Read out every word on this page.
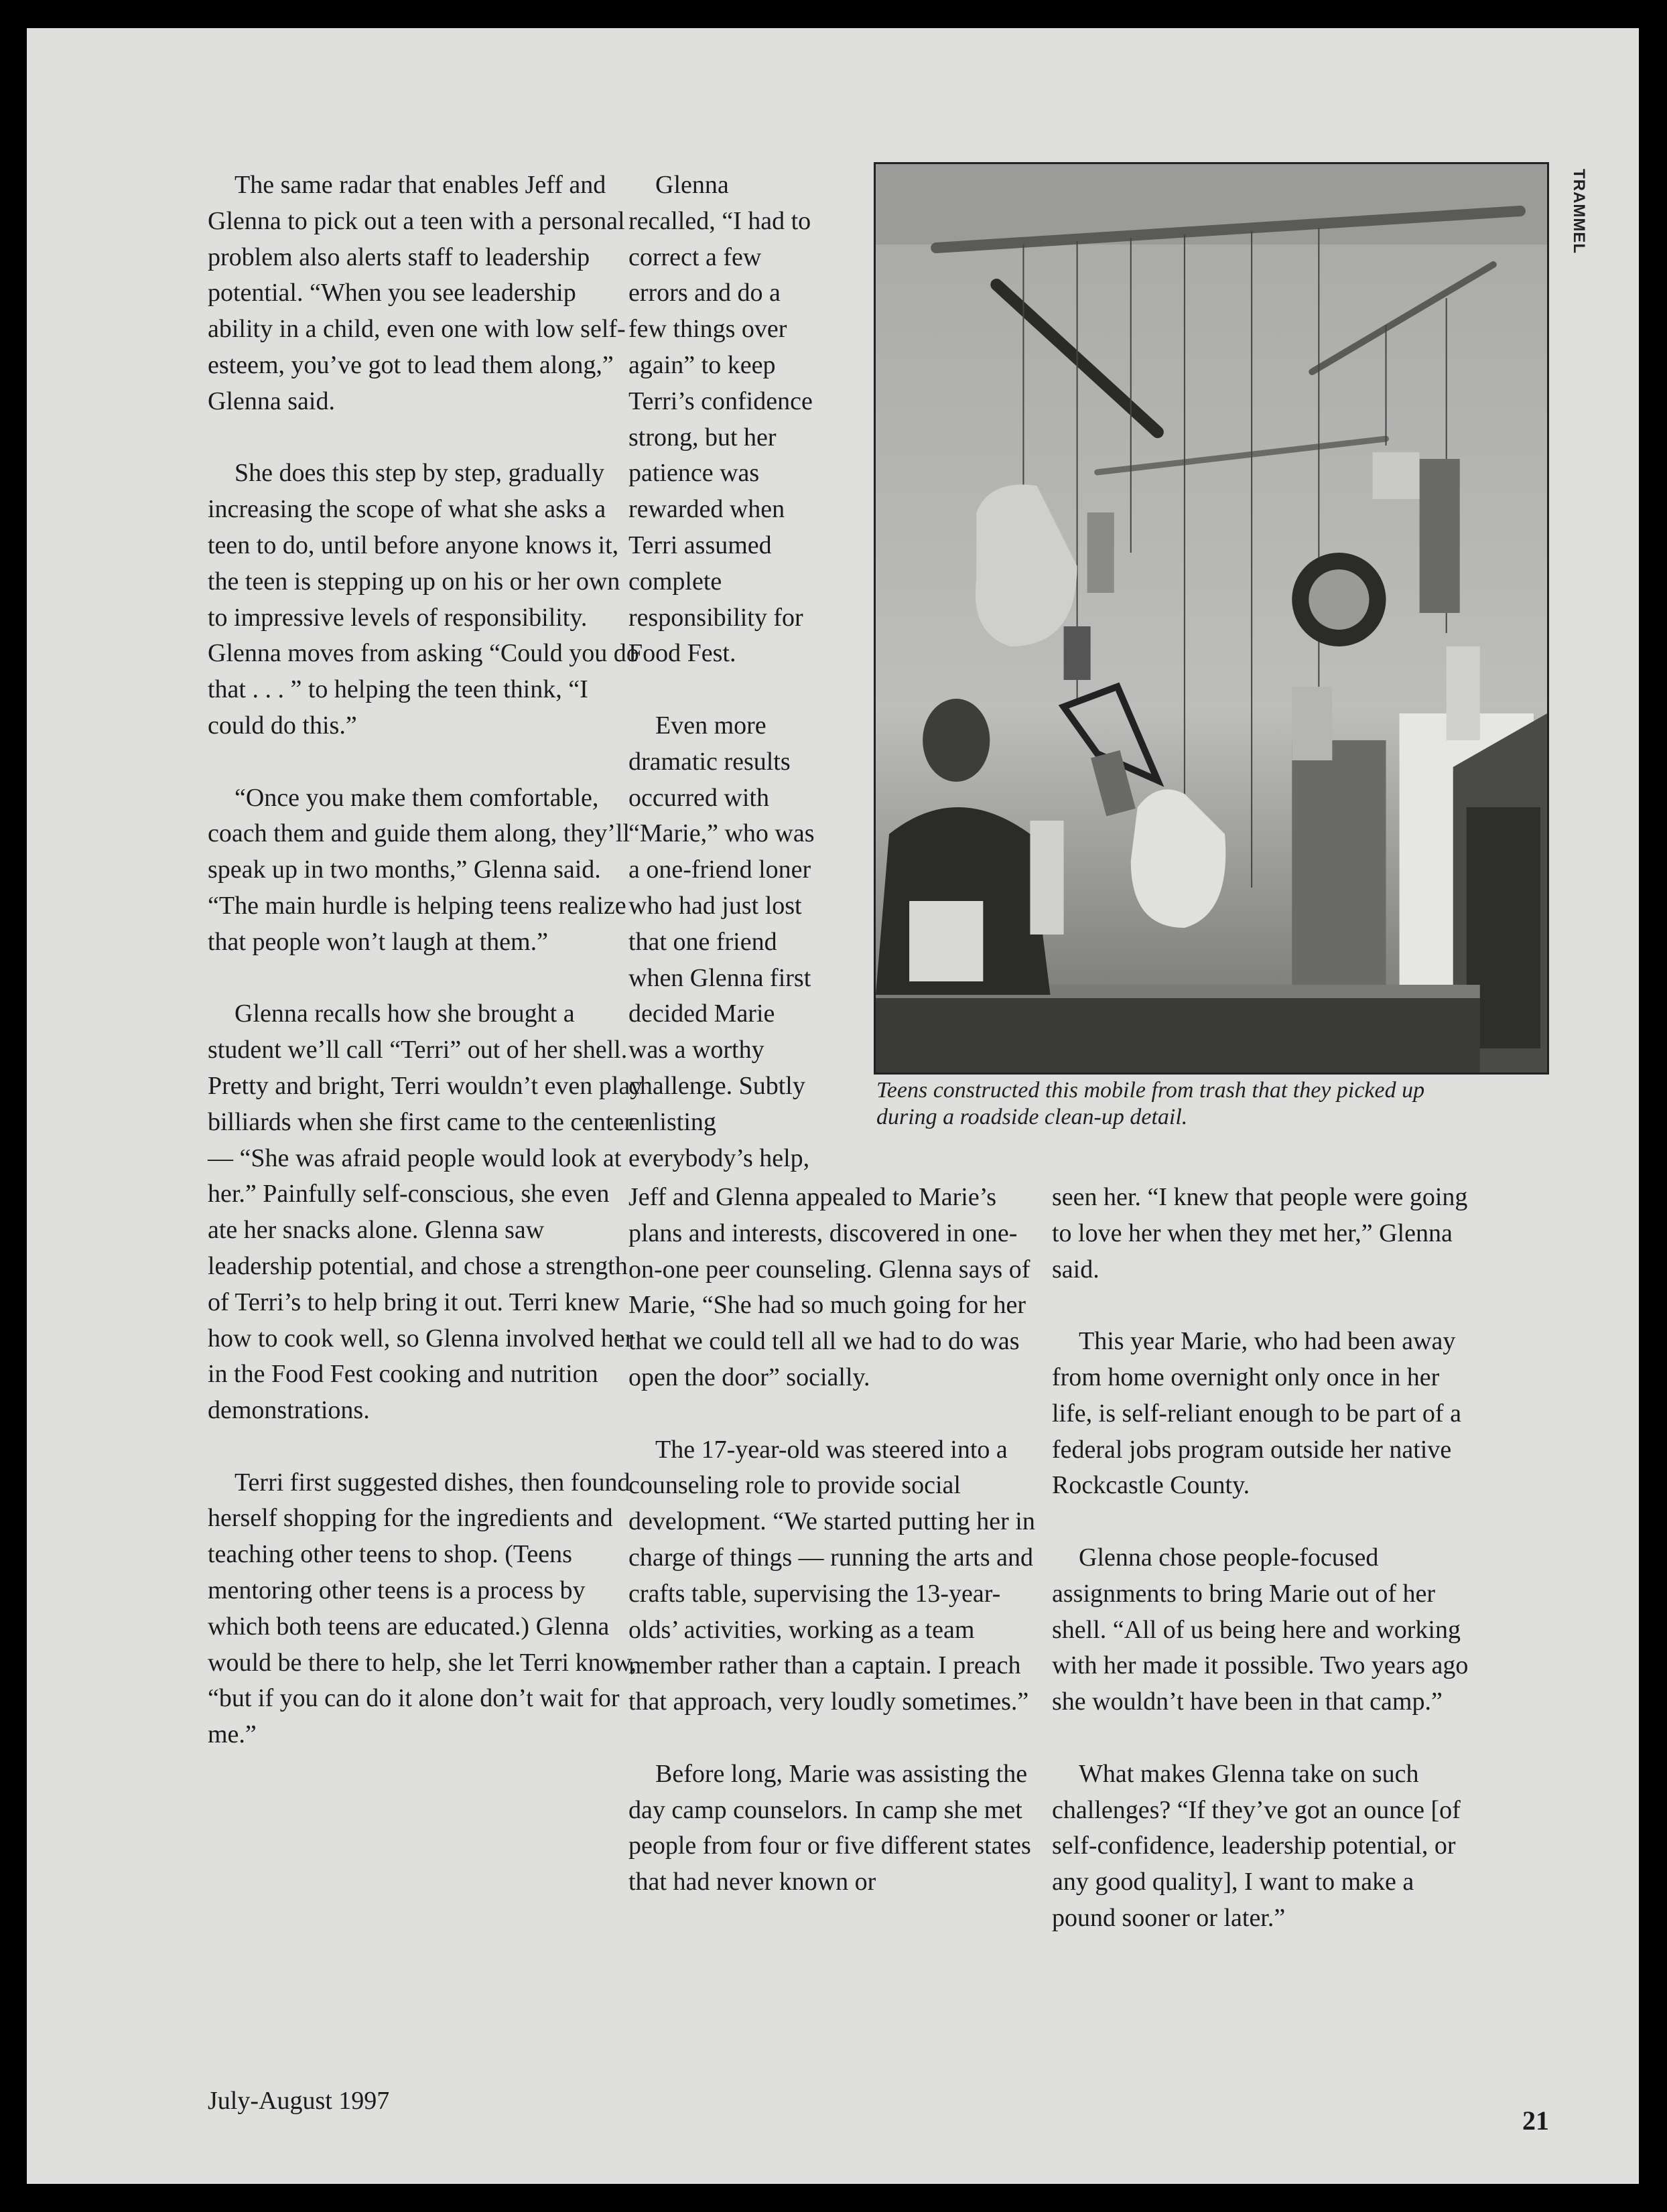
The same radar that enables Jeff and Glenna to pick out a teen with a personal problem also alerts staff to leadership potential. “When you see leadership ability in a child, even one with low self-esteem, you’ve got to lead them along,” Glenna said.

She does this step by step, gradually increasing the scope of what she asks a teen to do, until before anyone knows it, the teen is stepping up on his or her own to impressive levels of responsibility. Glenna moves from asking “Could you do that . . . ” to helping the teen think, “I could do this.”

“Once you make them comfortable, coach them and guide them along, they’ll speak up in two months,” Glenna said. “The main hurdle is helping teens realize that people won’t laugh at them.”

Glenna recalls how she brought a student we’ll call “Terri” out of her shell. Pretty and bright, Terri wouldn’t even play billiards when she first came to the center — “She was afraid people would look at her.” Painfully self-conscious, she even ate her snacks alone. Glenna saw leadership potential, and chose a strength of Terri’s to help bring it out. Terri knew how to cook well, so Glenna involved her in the Food Fest cooking and nutrition demonstrations.

Terri first suggested dishes, then found herself shopping for the ingredients and teaching other teens to shop. (Teens mentoring other teens is a process by which both teens are educated.) Glenna would be there to help, she let Terri know, “but if you can do it alone don’t wait for me.”

Glenna
recalled, “I had to
correct a few
errors and do a
few things over
again” to keep
Terri’s confidence
strong, but her
patience was
rewarded when
Terri assumed
complete
responsibility for
Food Fest.
Even more
dramatic results
occurred with
“Marie,” who was
a one-friend loner
who had just lost
that one friend
when Glenna first
decided Marie
was a worthy
challenge. Subtly
enlisting
everybody’s help,

Jeff and Glenna appealed to Marie’s plans and interests, discovered in one-on-one peer counseling. Glenna says of Marie, “She had so much going for her that we could tell all we had to do was open the door” socially.

The 17-year-old was steered into a counseling role to provide social development. “We started putting her in charge of things — running the arts and crafts table, supervising the 13-year-olds’ activities, working as a team member rather than a captain. I preach that approach, very loudly sometimes.”

Before long, Marie was assisting the day camp counselors. In camp she met people from four or five different states that had never known or

seen her. “I knew that people were going to love her when they met her,” Glenna said.

This year Marie, who had been away from home overnight only once in her life, is self-reliant enough to be part of a federal jobs program outside her native Rockcastle County.

Glenna chose people-focused assignments to bring Marie out of her shell. “All of us being here and working with her made it possible. Two years ago she wouldn’t have been in that camp.”

What makes Glenna take on such challenges? “If they’ve got an ounce [of self-confidence, leadership potential, or any good quality], I want to make a pound sooner or later.”

TRAMMEL
Teens constructed this mobile from trash that they picked up
during a roadside clean-up detail.
July-August 1997
21
